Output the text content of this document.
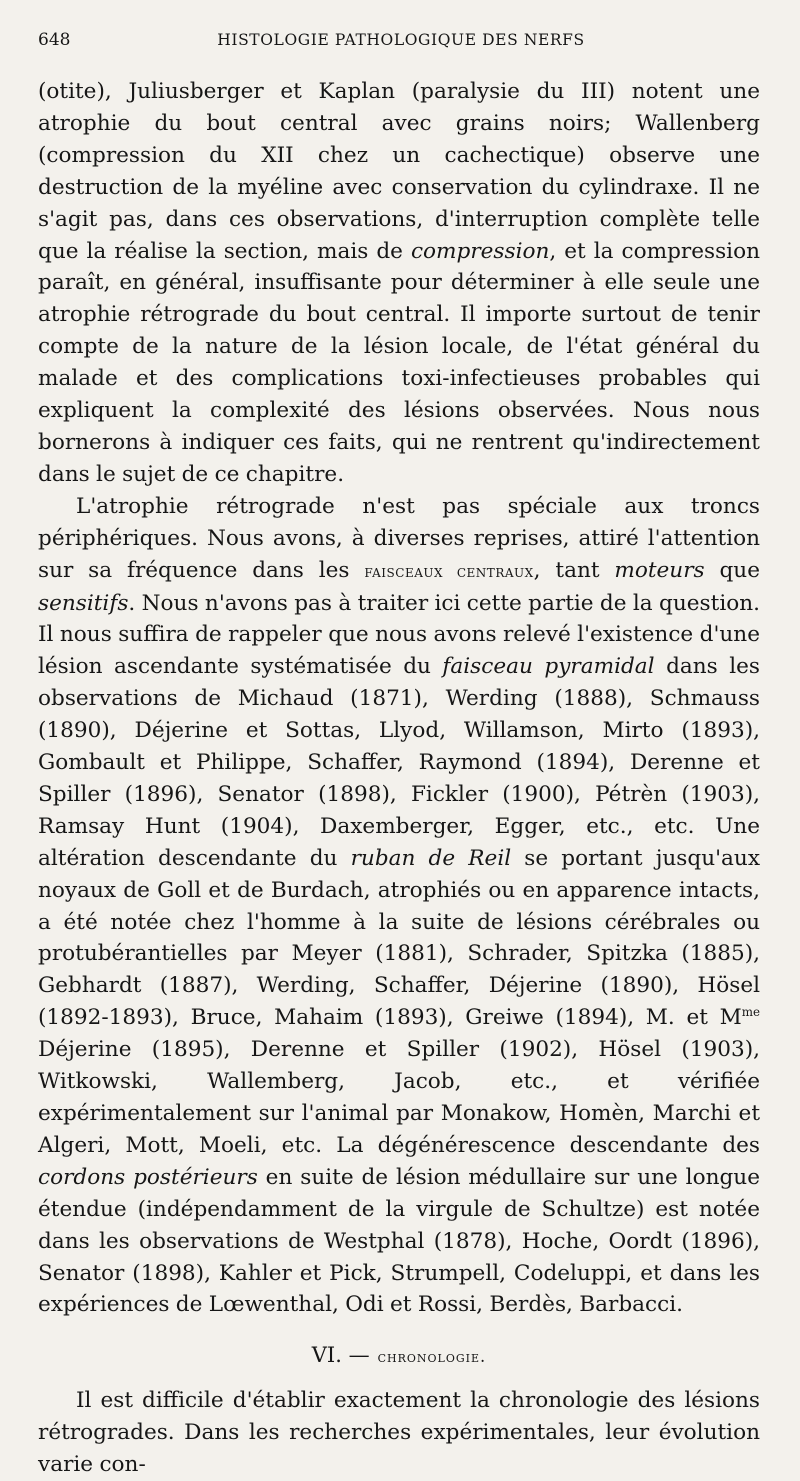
648	HISTOLOGIE PATHOLOGIQUE DES NERFS

(otite), Juliusberger et Kaplan (paralysie du III) notent une atrophie du bout central avec grains noirs; Wallenberg (compression du XII chez un cachectique) observe une destruction de la myéline avec conservation du cylindraxe. Il ne s'agit pas, dans ces observations, d'interruption complète telle que la réalise la section, mais de compression, et la compression paraît, en général, insuffisante pour déterminer à elle seule une atrophie rétrograde du bout central. Il importe surtout de tenir compte de la nature de la lésion locale, de l'état général du malade et des complications toxi-infectieuses probables qui expliquent la complexité des lésions observées. Nous nous bornerons à indiquer ces faits, qui ne rentrent qu'indirectement dans le sujet de ce chapitre.

L'atrophie rétrograde n'est pas spéciale aux troncs périphériques. Nous avons, à diverses reprises, attiré l'attention sur sa fréquence dans les faisceaux centraux, tant moteurs que sensitifs. Nous n'avons pas à traiter ici cette partie de la question. Il nous suffira de rappeler que nous avons relevé l'existence d'une lésion ascendante systématisée du faisceau pyramidal dans les observations de Michaud (1871), Werding (1888), Schmauss (1890), Déjerine et Sottas, Llyod, Willamson, Mirto (1893), Gombault et Philippe, Schaffer, Raymond (1894), Derenne et Spiller (1896), Senator (1898), Fickler (1900), Pétrèn (1903), Ramsay Hunt (1904), Daxemberger, Egger, etc., etc. Une altération descendante du ruban de Reil se portant jusqu'aux noyaux de Goll et de Burdach, atrophiés ou en apparence intacts, a été notée chez l'homme à la suite de lésions cérébrales ou protubérantielles par Meyer (1881), Schrader, Spitzka (1885), Gebhardt (1887), Werding, Schaffer, Déjerine (1890), Hösel (1892-1893), Bruce, Mahaim (1893), Greiwe (1894), M. et $M^{me}$ Déjerine (1895), Derenne et Spiller (1902), Hösel (1903), Witkowski, Wallemberg, Jacob, etc., et vérifiée expérimentalement sur l'animal par Monakow, Homèn, Marchi et Algeri, Mott, Moeli, etc. La dégénérescence descendante des cordons postérieurs en suite de lésion médullaire sur une longue étendue (indépendamment de la virgule de Schultze) est notée dans les observations de Westphal (1878), Hoche, Oordt (1896), Senator (1898), Kahler et Pick, Strumpell, Codeluppi, et dans les expériences de Lœwenthal, Odi et Rossi, Berdès, Barbacci.

VI. — chronologie.

Il est difficile d'établir exactement la chronologie des lésions rétrogrades. Dans les recherches expérimentales, leur évolution varie con-
